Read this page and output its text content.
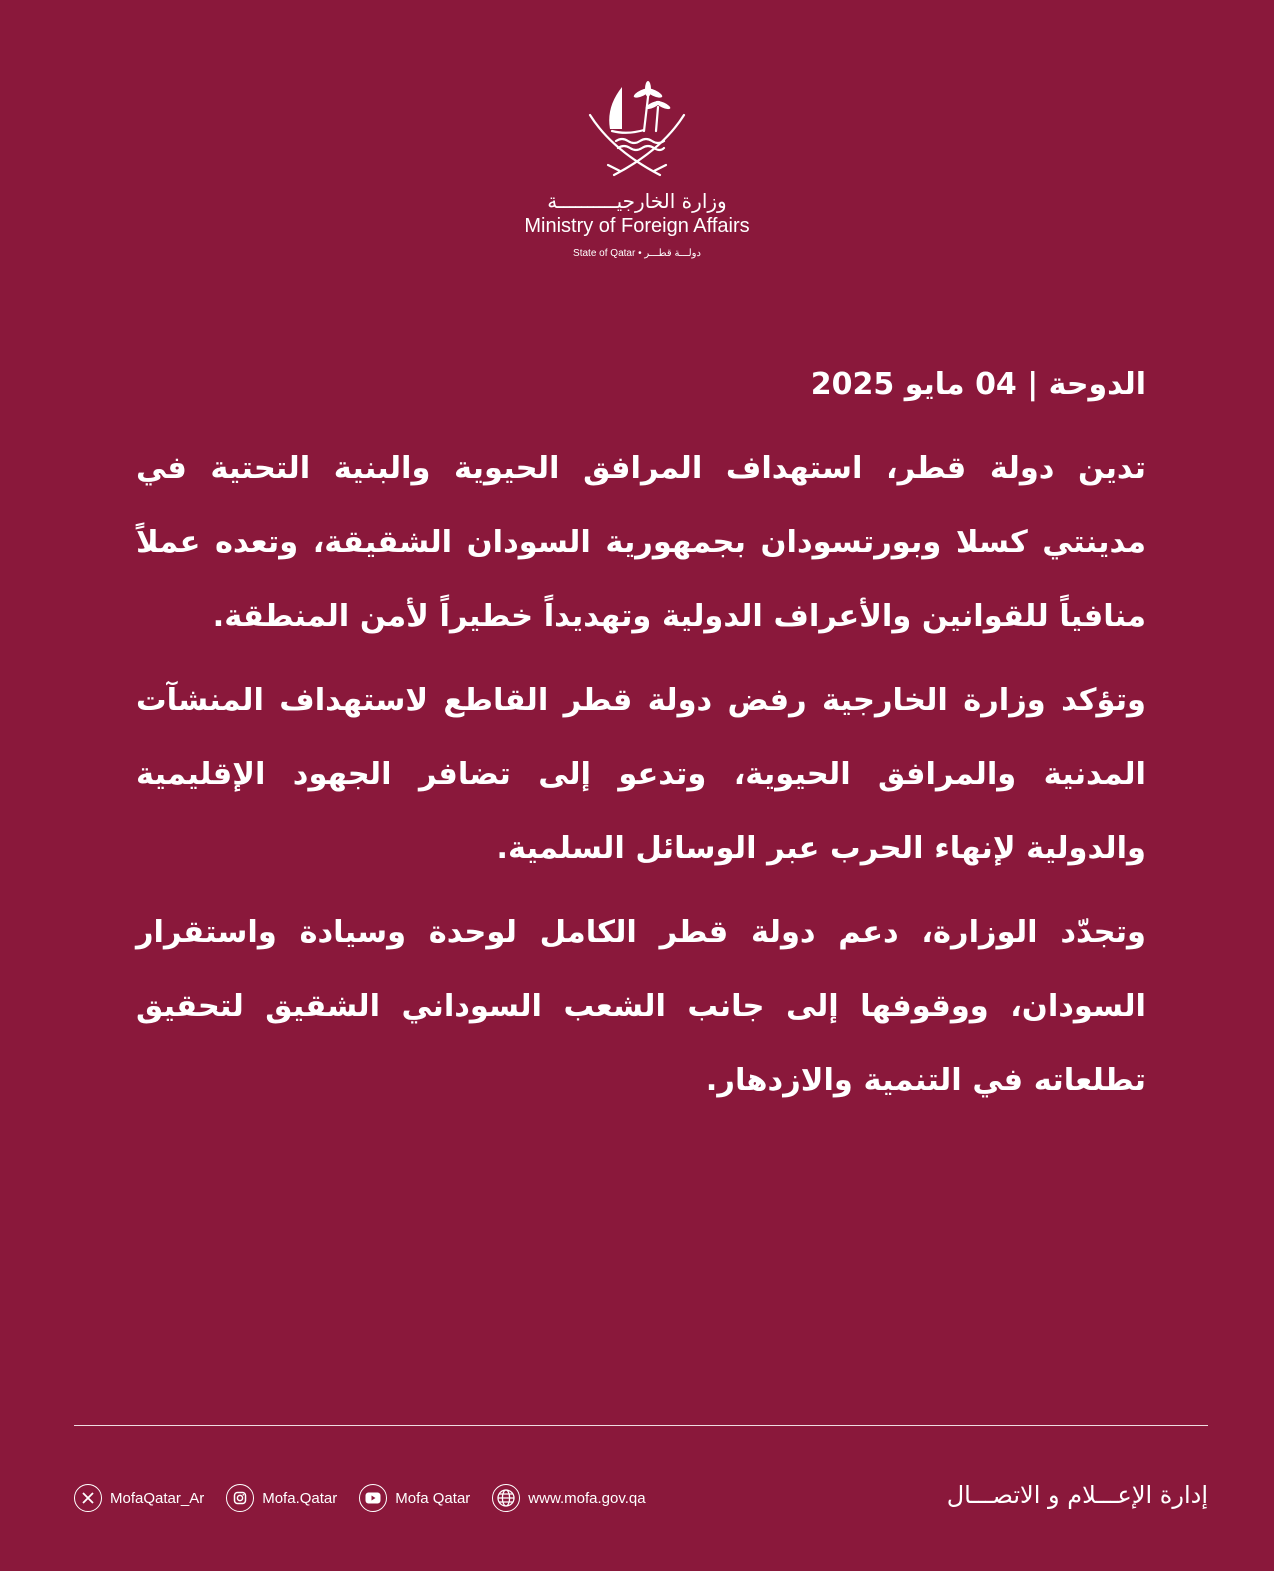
وزارة الخارجيــــــــــة
Ministry of Foreign Affairs
State of Qatar • دولـــة قطـــر
الدوحة | 04 مايو 2025

تدين دولة قطر، استهداف المرافق الحيوية والبنية التحتية في مدينتي كسلا وبورتسودان بجمهورية السودان الشقيقة، وتعده عملاً منافياً للقوانين والأعراف الدولية وتهديداً خطيراً لأمن المنطقة.

وتؤكد وزارة الخارجية رفض دولة قطر القاطع لاستهداف المنشآت المدنية والمرافق الحيوية، وتدعو إلى تضافر الجهود الإقليمية والدولية لإنهاء الحرب عبر الوسائل السلمية.

وتجدّد الوزارة، دعم دولة قطر الكامل لوحدة وسيادة واستقرار السودان، ووقوفها إلى جانب الشعب السوداني الشقيق لتحقيق تطلعاته في التنمية والازدهار.

MofaQatar_Ar	Mofa.Qatar	Mofa Qatar	www.mofa.gov.qa	إدارة الإعـــلام و الاتصـــال
